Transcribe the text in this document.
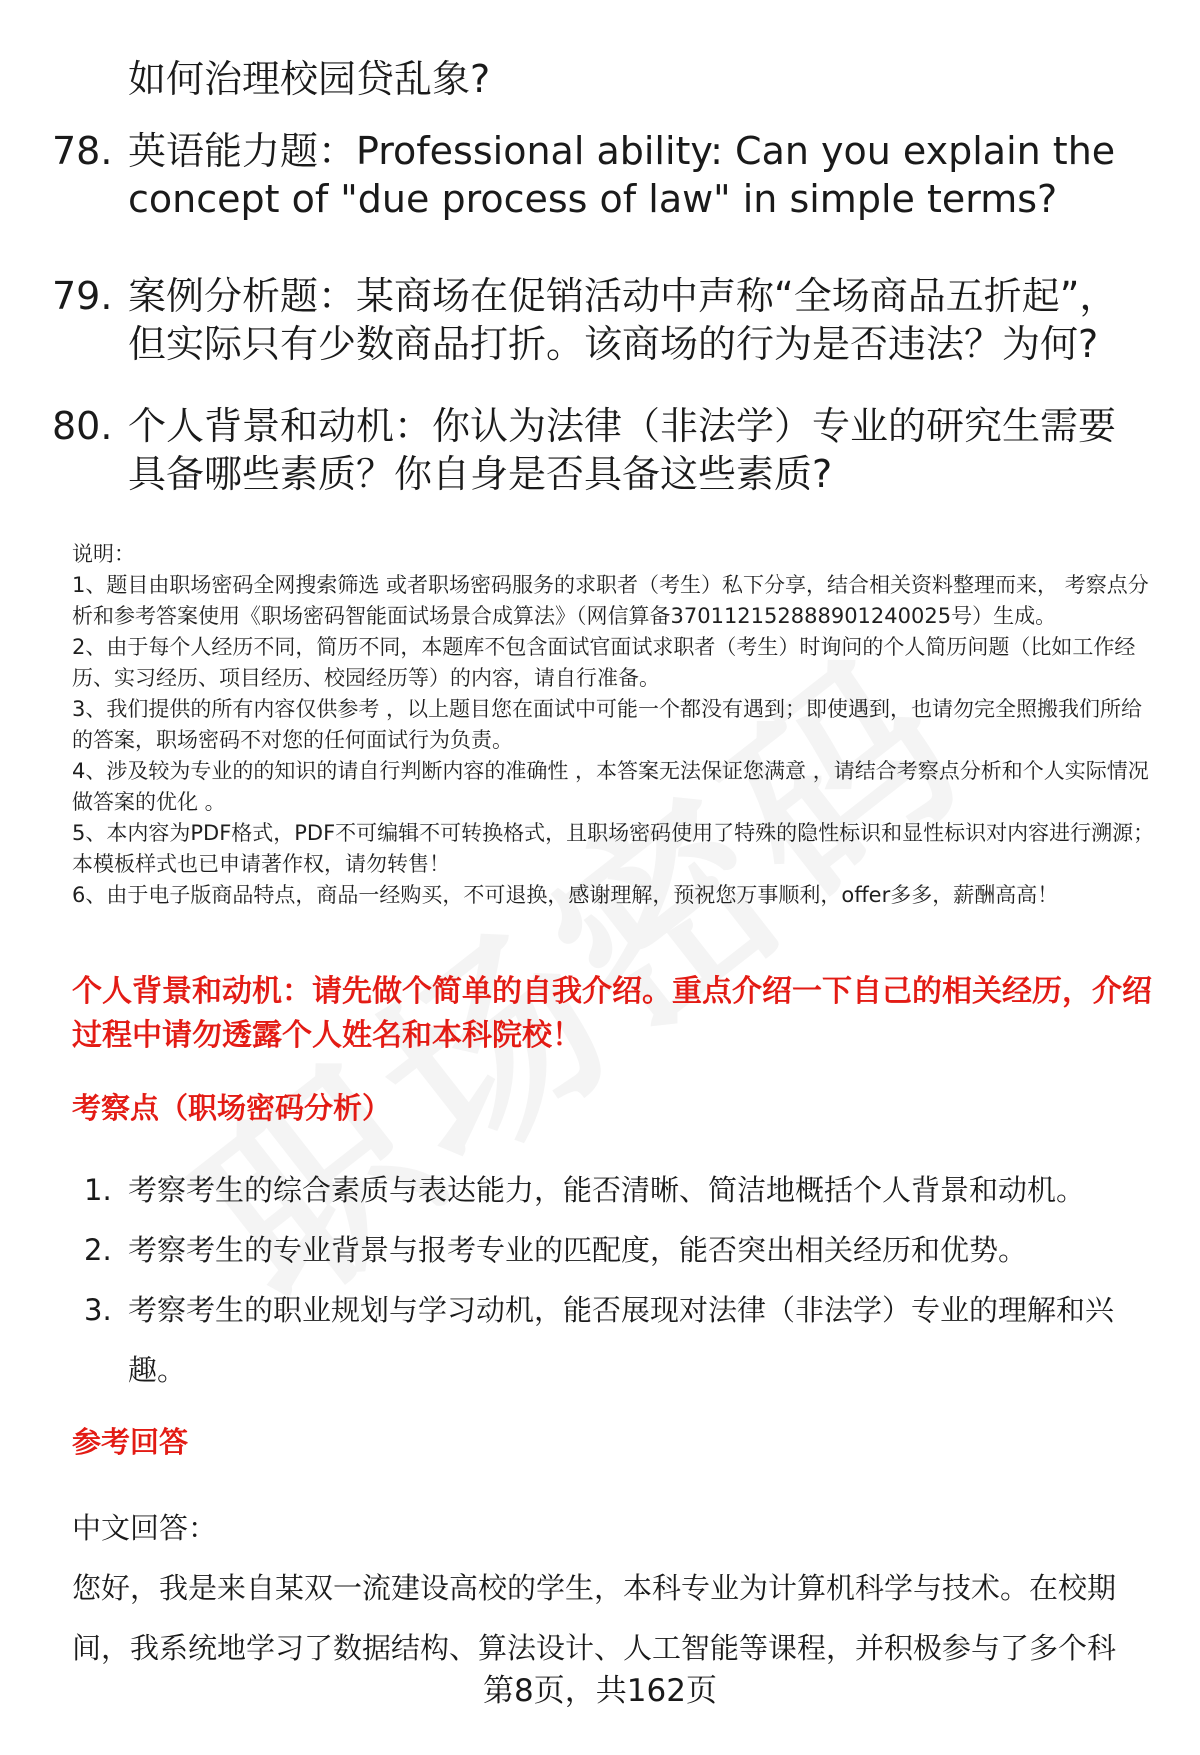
如何治理校园贷乱象?
78. 英语能力题：Professional ability: Can you explain the concept of "due process of law" in simple terms?
79. 案例分析题：某商场在促销活动中声称“全场商品五折起”，但实际只有少数商品打折。该商场的行为是否违法？为何?
80. 个人背景和动机：你认为法律（非法学）专业的研究生需要具备哪些素质？你自身是否具备这些素质?

说明：

1、题目由职场密码全网搜索筛选 或者职场密码服务的求职者（考生）私下分享，结合相关资料整理而来， 考察点分析和参考答案使用《职场密码智能面试场景合成算法》（网信算备370112152888901240025号）生成。

2、由于每个人经历不同，简历不同，本题库不包含面试官面试求职者（考生）时询问的个人简历问题（比如工作经历、实习经历、项目经历、校园经历等）的内容，请自行准备。

3、我们提供的所有内容仅供参考 ，以上题目您在面试中可能一个都没有遇到；即使遇到，也请勿完全照搬我们所给的答案，职场密码不对您的任何面试行为负责。

4、涉及较为专业的的知识的请自行判断内容的准确性 ，本答案无法保证您满意 ，请结合考察点分析和个人实际情况做答案的优化 。

5、本内容为PDF格式，PDF不可编辑不可转换格式，且职场密码使用了特殊的隐性标识和显性标识对内容进行溯源；本模板样式也已申请著作权，请勿转售！

6、由于电子版商品特点，商品一经购买，不可退换，感谢理解，预祝您万事顺利，offer多多，薪酬高高！

个人背景和动机：请先做个简单的自我介绍。重点介绍一下自己的相关经历，介绍过程中请勿透露个人姓名和本科院校！
考察点（职场密码分析）
1. 考察考生的综合素质与表达能力，能否清晰、简洁地概括个人背景和动机。
2. 考察考生的专业背景与报考专业的匹配度，能否突出相关经历和优势。
3. 考察考生的职业规划与学习动机，能否展现对法律（非法学）专业的理解和兴趣。
参考回答

中文回答：

您好，我是来自某双一流建设高校的学生，本科专业为计算机科学与技术。在校期间，我系统地学习了数据结构、算法设计、人工智能等课程，并积极参与了多个科

第8页，共162页
